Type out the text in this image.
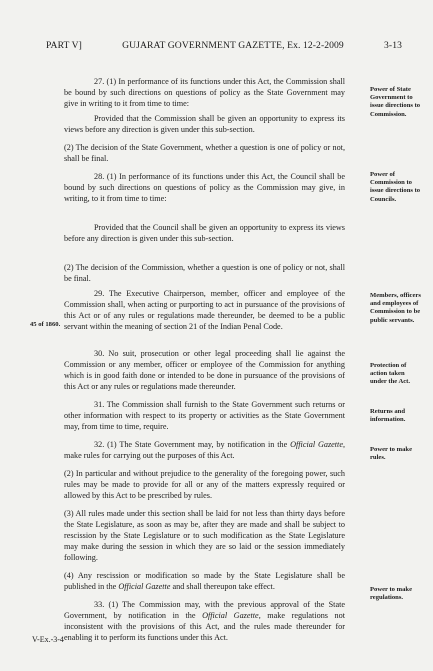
PART V]	GUJARAT GOVERNMENT GAZETTE, Ex. 12-2-2009	3-13

27. (1) In performance of its functions under this Act, the Commission shall be bound by such directions on questions of policy as the State Government may give in writing to it from time to time:

Provided that the Commission shall be given an opportunity to express its views before any direction is given under this sub-section.

(2) The decision of the State Government, whether a question is one of policy or not, shall be final.

28. (1) In performance of its functions under this Act, the Council shall be bound by such directions on questions of policy as the Commission may give, in writing, to it from time to time:

Provided that the Council shall be given an opportunity to express its views before any direction is given under this sub-section.

(2) The decision of the Commission, whether a question is one of policy or not, shall be final.

29. The Executive Chairperson, member, officer and employee of the Commission shall, when acting or purporting to act in pursuance of the provisions of this Act or of any rules or regulations made thereunder, be deemed to be a public servant within the meaning of section 21 of the Indian Penal Code.

30. No suit, prosecution or other legal proceeding shall lie against the Commission or any member, officer or employee of the Commission for anything which is in good faith done or intended to be done in pursuance of the provisions of this Act or any rules or regulations made thereunder.

31. The Commission shall furnish to the State Government such returns or other information with respect to its property or activities as the State Government may, from time to time, require.

32. (1) The State Government may, by notification in the Official Gazette, make rules for carrying out the purposes of this Act.

(2) In particular and without prejudice to the generality of the foregoing power, such rules may be made to provide for all or any of the matters expressly required or allowed by this Act to be prescribed by rules.

(3) All rules made under this section shall be laid for not less than thirty days before the State Legislature, as soon as may be, after they are made and shall be subject to rescission by the State Legislature or to such modification as the State Legislature may make during the session in which they are so laid or the session immediately following.

(4) Any rescission or modification so made by the State Legislature shall be published in the Official Gazette and shall thereupon take effect.

33. (1) The Commission may, with the previous approval of the State Government, by notification in the Official Gazette, make regulations not inconsistent with the provisions of this Act, and the rules made thereunder for enabling it to perform its functions under this Act.

Power of State Government to issue directions to Commission.
Power of Commission to issue directions to Councils.
Members, officers and employees of Commission to be public servants.
Protection of action taken under the Act.
Returns and information.
Power to make rules.
Power to make regulations.
45 of 1860.
V-Ex.-3-4
